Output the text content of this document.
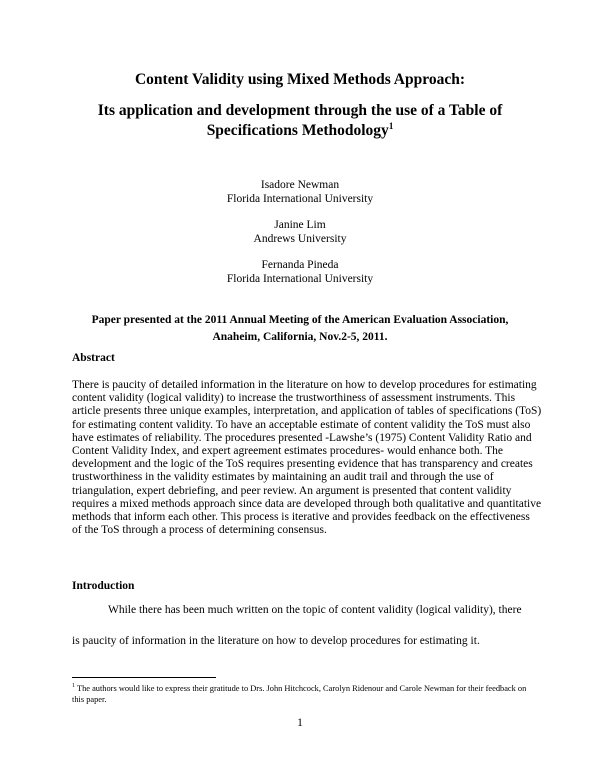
Content Validity using Mixed Methods Approach:

Its application and development through the use of a Table of

Specifications Methodology$^1$

Isadore Newman
Florida International University
Janine Lim
Andrews University
Fernanda Pineda
Florida International University
Paper presented at the 2011 Annual Meeting of the American Evaluation Association,
Anaheim, California, Nov.2-5, 2011.

Abstract

There is paucity of detailed information in the literature on how to develop procedures for estimating content validity (logical validity) to increase the trustworthiness of assessment instruments. This article presents three unique examples, interpretation, and application of tables of specifications (ToS) for estimating content validity. To have an acceptable estimate of content validity the ToS must also have estimates of reliability. The procedures presented -Lawshe’s (1975) Content Validity Ratio and Content Validity Index, and expert agreement estimates procedures- would enhance both. The development and the logic of the ToS requires presenting evidence that has transparency and creates trustworthiness in the validity estimates by maintaining an audit trail and through the use of triangulation, expert debriefing, and peer review. An argument is presented that content validity requires a mixed methods approach since data are developed through both qualitative and quantitative methods that inform each other. This process is iterative and provides feedback on the effectiveness of the ToS through a process of determining consensus.

Introduction

While there has been much written on the topic of content validity (logical validity), there

is paucity of information in the literature on how to develop procedures for estimating it.

$^1$ The authors would like to express their gratitude to Drs. John Hitchcock, Carolyn Ridenour and Carole Newman for their feedback on this paper.

1
